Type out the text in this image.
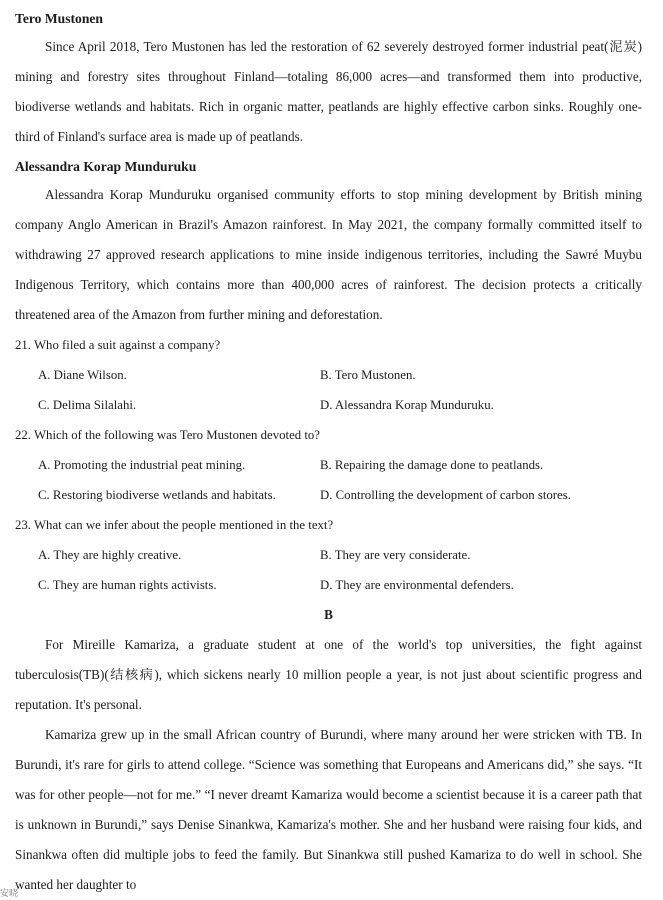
Tero Mustonen

Since April 2018, Tero Mustonen has led the restoration of 62 severely destroyed former industrial peat(泥炭) mining and forestry sites throughout Finland—totaling 86,000 acres—and transformed them into productive, biodiverse wetlands and habitats. Rich in organic matter, peatlands are highly effective carbon sinks. Roughly one-third of Finland's surface area is made up of peatlands.

Alessandra Korap Munduruku

Alessandra Korap Munduruku organised community efforts to stop mining development by British mining company Anglo American in Brazil's Amazon rainforest. In May 2021, the company formally committed itself to withdrawing 27 approved research applications to mine inside indigenous territories, including the Sawré Muybu Indigenous Territory, which contains more than 400,000 acres of rainforest. The decision protects a critically threatened area of the Amazon from further mining and deforestation.

21. Who filed a suit against a company?
A. Diane Wilson.	B. Tero Mustonen.
C. Delima Silalahi.	D. Alessandra Korap Munduruku.
22. Which of the following was Tero Mustonen devoted to?
A. Promoting the industrial peat mining.	B. Repairing the damage done to peatlands.
C. Restoring biodiverse wetlands and habitats.	D. Controlling the development of carbon stores.
23. What can we infer about the people mentioned in the text?
A. They are highly creative.	B. They are very considerate.
C. They are human rights activists.	D. They are environmental defenders.
B

For Mireille Kamariza, a graduate student at one of the world's top universities, the fight against tuberculosis(TB)(结核病), which sickens nearly 10 million people a year, is not just about scientific progress and reputation. It's personal.

Kamariza grew up in the small African country of Burundi, where many around her were stricken with TB. In Burundi, it's rare for girls to attend college. “Science was something that Europeans and Americans did,” she says. “It was for other people—not for me.” “I never dreamt Kamariza would become a scientist because it is a career path that is unknown in Burundi,” says Denise Sinankwa, Kamariza's mother. She and her husband were raising four kids, and Sinankwa often did multiple jobs to feed the family. But Sinankwa still pushed Kamariza to do well in school. She wanted her daughter to

安晓
